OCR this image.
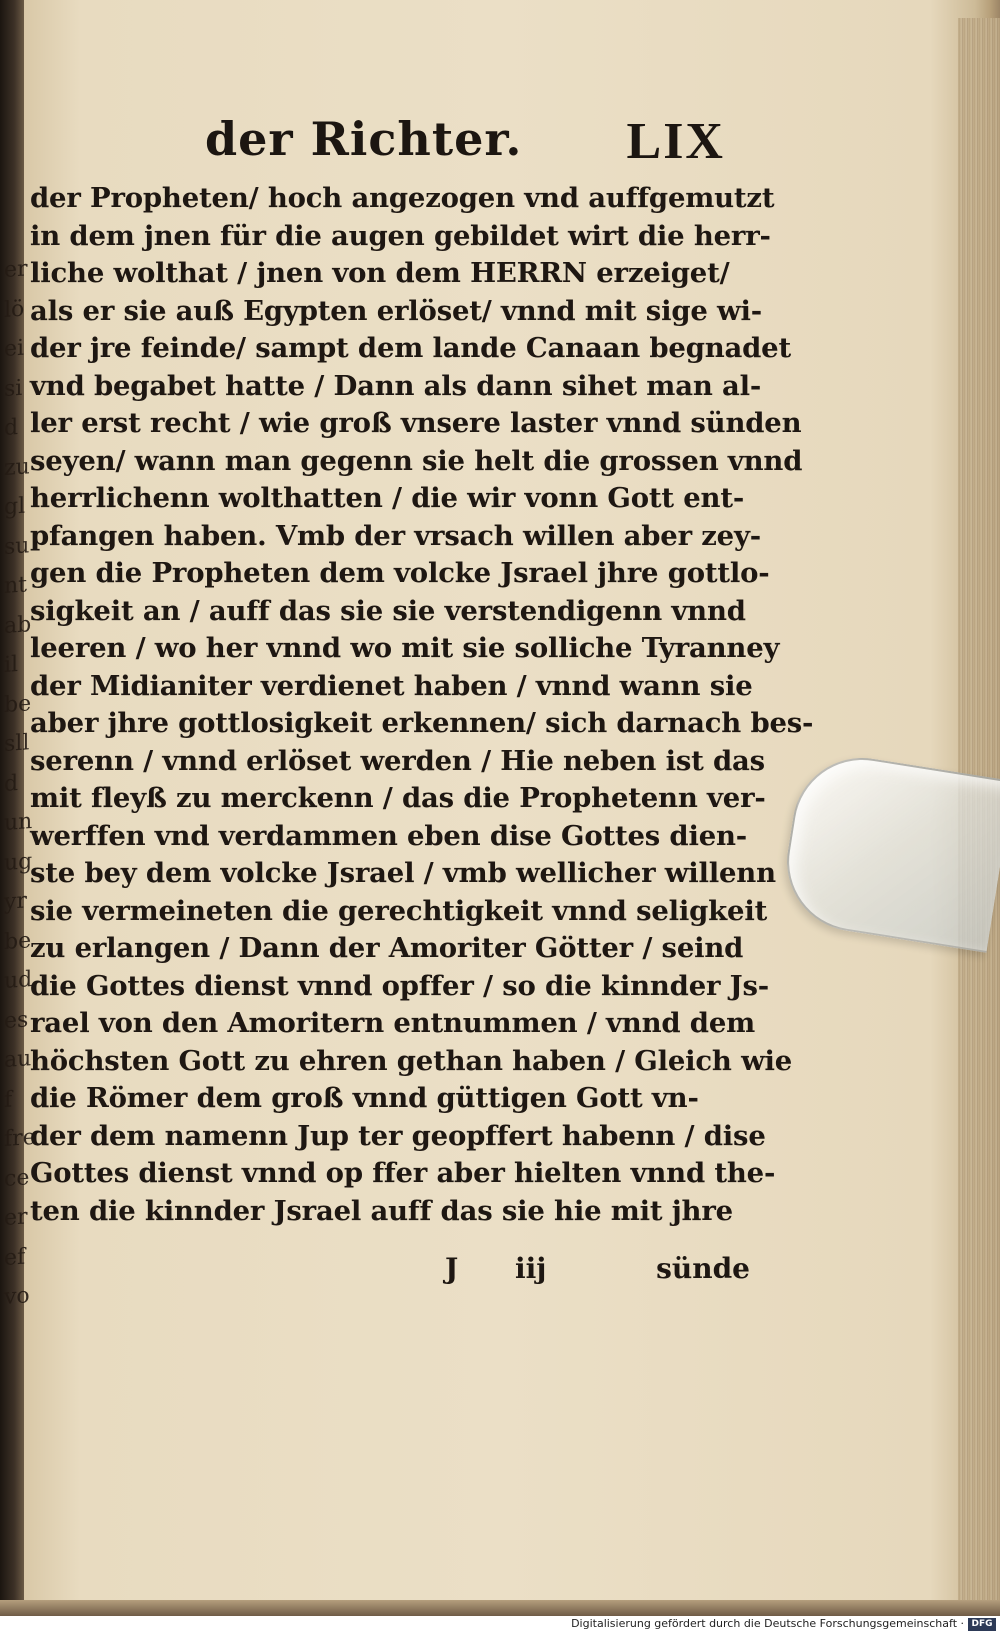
er
lö
ei
si
d
zu
gl
su
nt
ab
il
be
sll
d
un
ug
yr
be
ud
es
au
f
fre
ce
er
ef
vo
der Richter. LIX
der Propheten/ hoch angezogen vnd auffgemutzt
in dem jnen für die augen gebildet wirt die herr-
liche wolthat / jnen von dem HERRN erzeiget/
als er sie auß Egypten erlöset/ vnnd mit sige wi-
der jre feinde/ sampt dem lande Canaan begnadet
vnd begabet hatte / Dann als dann sihet man al-
ler erst recht / wie groß vnsere laster vnnd sünden
seyen/ wann man gegenn sie helt die grossen vnnd
herrlichenn wolthatten / die wir vonn Gott ent-
pfangen haben. Vmb der vrsach willen aber zey-
gen die Propheten dem volcke Jsrael jhre gottlo-
sigkeit an / auff das sie sie verstendigenn vnnd
leeren / wo her vnnd wo mit sie solliche Tyranney
der Midianiter verdienet haben / vnnd wann sie
aber jhre gottlosigkeit erkennen/ sich darnach bes-
serenn / vnnd erlöset werden / Hie neben ist das
mit fleyß zu merckenn / das die Prophetenn ver-
werffen vnd verdammen eben dise Gottes dien-
ste bey dem volcke Jsrael / vmb wellicher willenn
sie vermeineten die gerechtigkeit vnnd seligkeit
zu erlangen / Dann der Amoriter Götter / seind
die Gottes dienst vnnd opffer / so die kinnder Js-
rael von den Amoritern entnummen / vnnd dem
höchsten Gott zu ehren gethan haben / Gleich wie
die Römer dem groß vnnd güttigen Gott vn-
der dem namenn Jup ter geopffert habenn / dise
Gottes dienst vnnd op ffer aber hielten vnnd the-
ten die kinnder Jsrael auff das sie hie mit jhre
J iij	sünde
Digitalisierung gefördert durch die Deutsche Forschungsgemeinschaft · DFG
